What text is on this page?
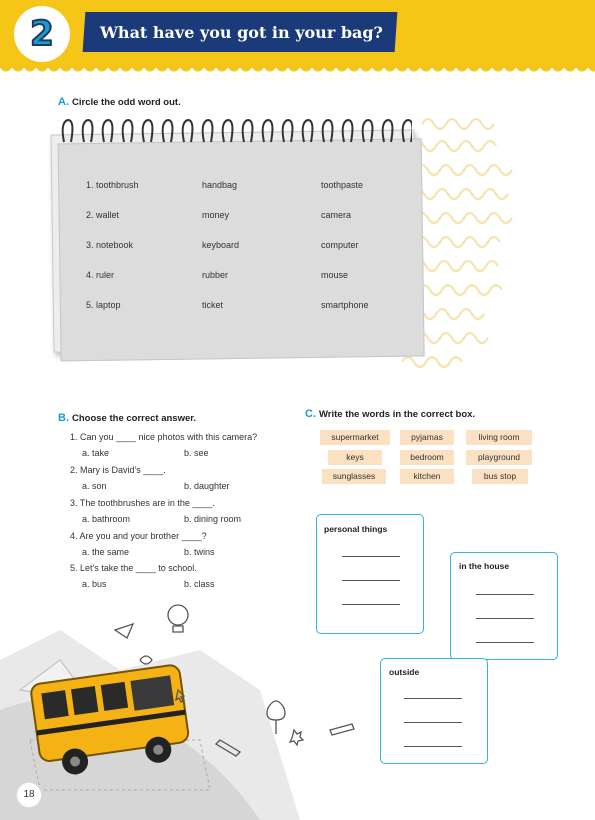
2	What have you got in your bag?
A. Circle the odd word out.
1. toothbrush	handbag	toothpaste
2. wallet	money	camera
3. notebook	keyboard	computer
4. ruler	rubber	mouse
5. laptop	ticket	smartphone
B. Choose the correct answer.
1. Can you ____ nice photos with this camera?
a. take	b. see
2. Mary is David's ____.
a. son	b. daughter
3. The toothbrushes are in the ____.
a. bathroom	b. dining room
4. Are you and your brother ____?
a. the same	b. twins
5. Let's take the ____ to school.
a. bus	b. class
C. Write the words in the correct box.
supermarket	pyjamas	living room
keys	bedroom	playground
sunglasses	kitchen	bus stop
personal things
in the house
outside
18
